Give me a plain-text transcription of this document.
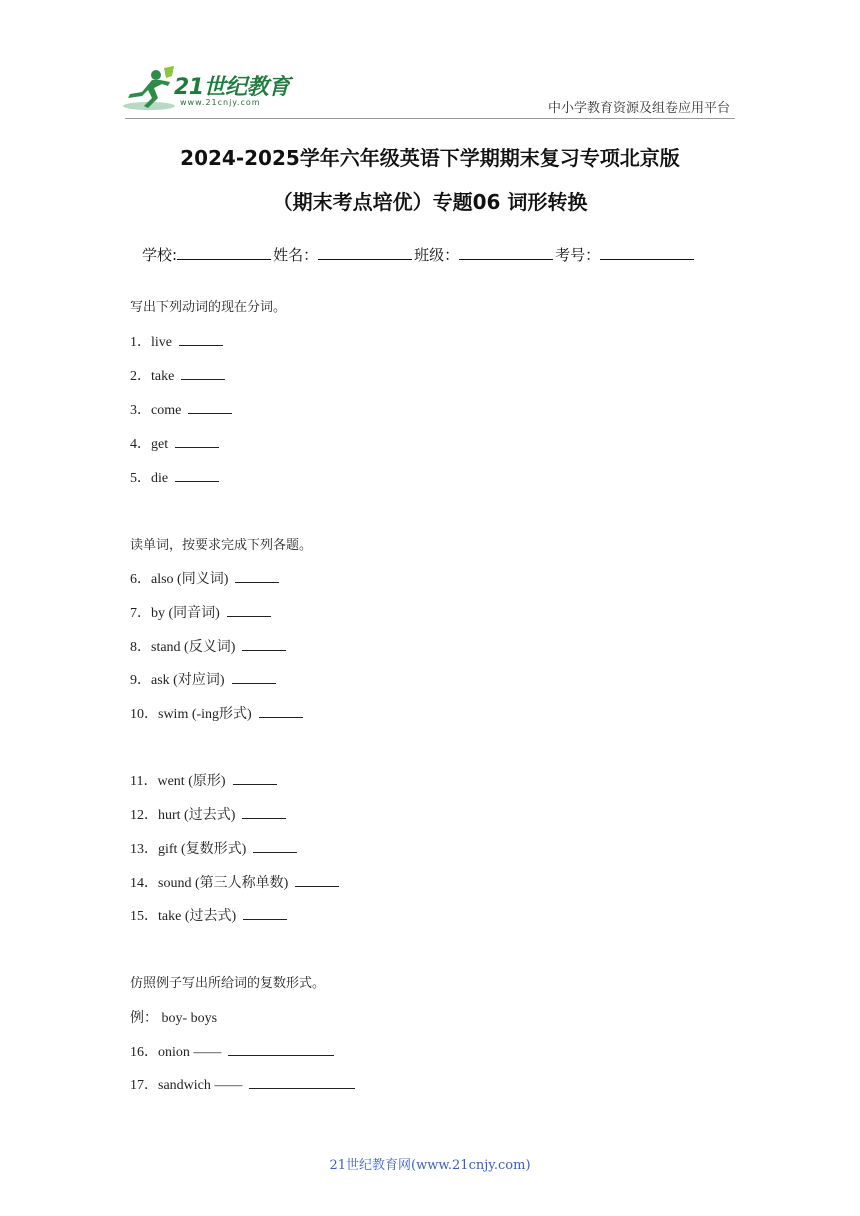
21世纪教育
www.21cnjy.com	中小学教育资源及组卷应用平台
2024-2025学年六年级英语下学期期末复习专项北京版
（期末考点培优）专题06 词形转换
学校:	姓名：	班级：	考号：
写出下列动词的现在分词。
1．live
2．take
3．come
4．get
5．die
读单词，按要求完成下列各题。
6．also (同义词)
7．by (同音词)
8．stand (反义词)
9．ask (对应词)
10．swim (-ing形式)
11．went (原形)
12．hurt (过去式)
13．gift (复数形式)
14．sound (第三人称单数)
15．take (过去式)
仿照例子写出所给词的复数形式。
例： boy- boys
16．onion ——
17．sandwich ——
21世纪教育网(www.21cnjy.com)
